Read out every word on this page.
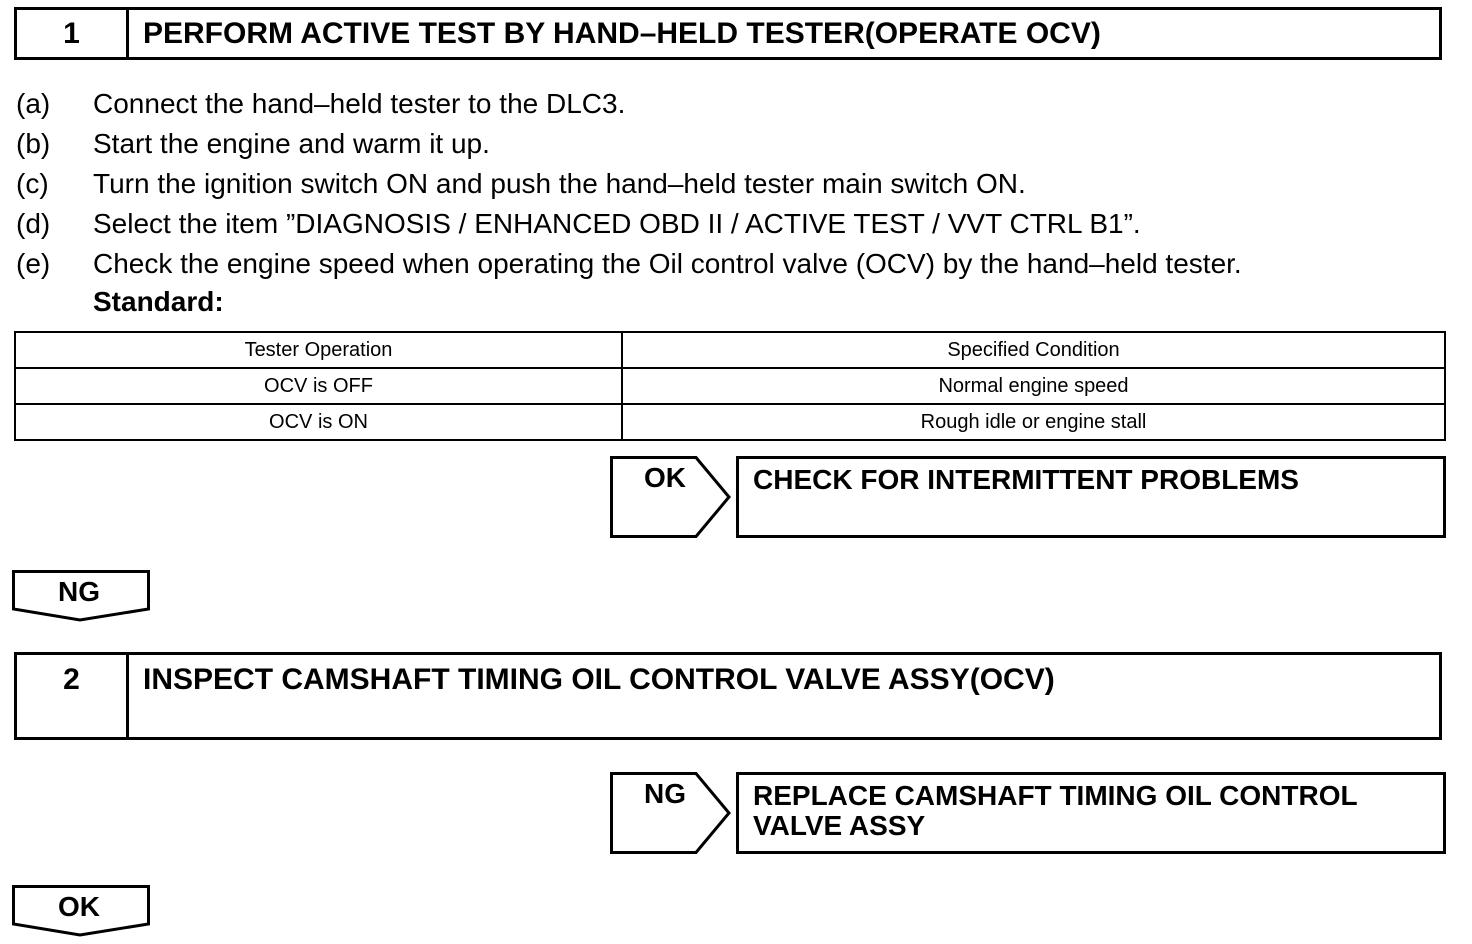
1	PERFORM ACTIVE TEST BY HAND–HELD TESTER(OPERATE OCV)
(a) Connect the hand–held tester to the DLC3.
(b) Start the engine and warm it up.
(c) Turn the ignition switch ON and push the hand–held tester main switch ON.
(d) Select the item ”DIAGNOSIS / ENHANCED OBD II / ACTIVE TEST / VVT CTRL B1”.
(e) Check the engine speed when operating the Oil control valve (OCV) by the hand–held tester.
Standard:
Tester Operation	Specified Condition
OCV is OFF	Normal engine speed
OCV is ON	Rough idle or engine stall
OK	CHECK FOR INTERMITTENT PROBLEMS
NG
2	INSPECT CAMSHAFT TIMING OIL CONTROL VALVE ASSY(OCV)
NG	REPLACE CAMSHAFT TIMING OIL CONTROL
VALVE ASSY
OK
